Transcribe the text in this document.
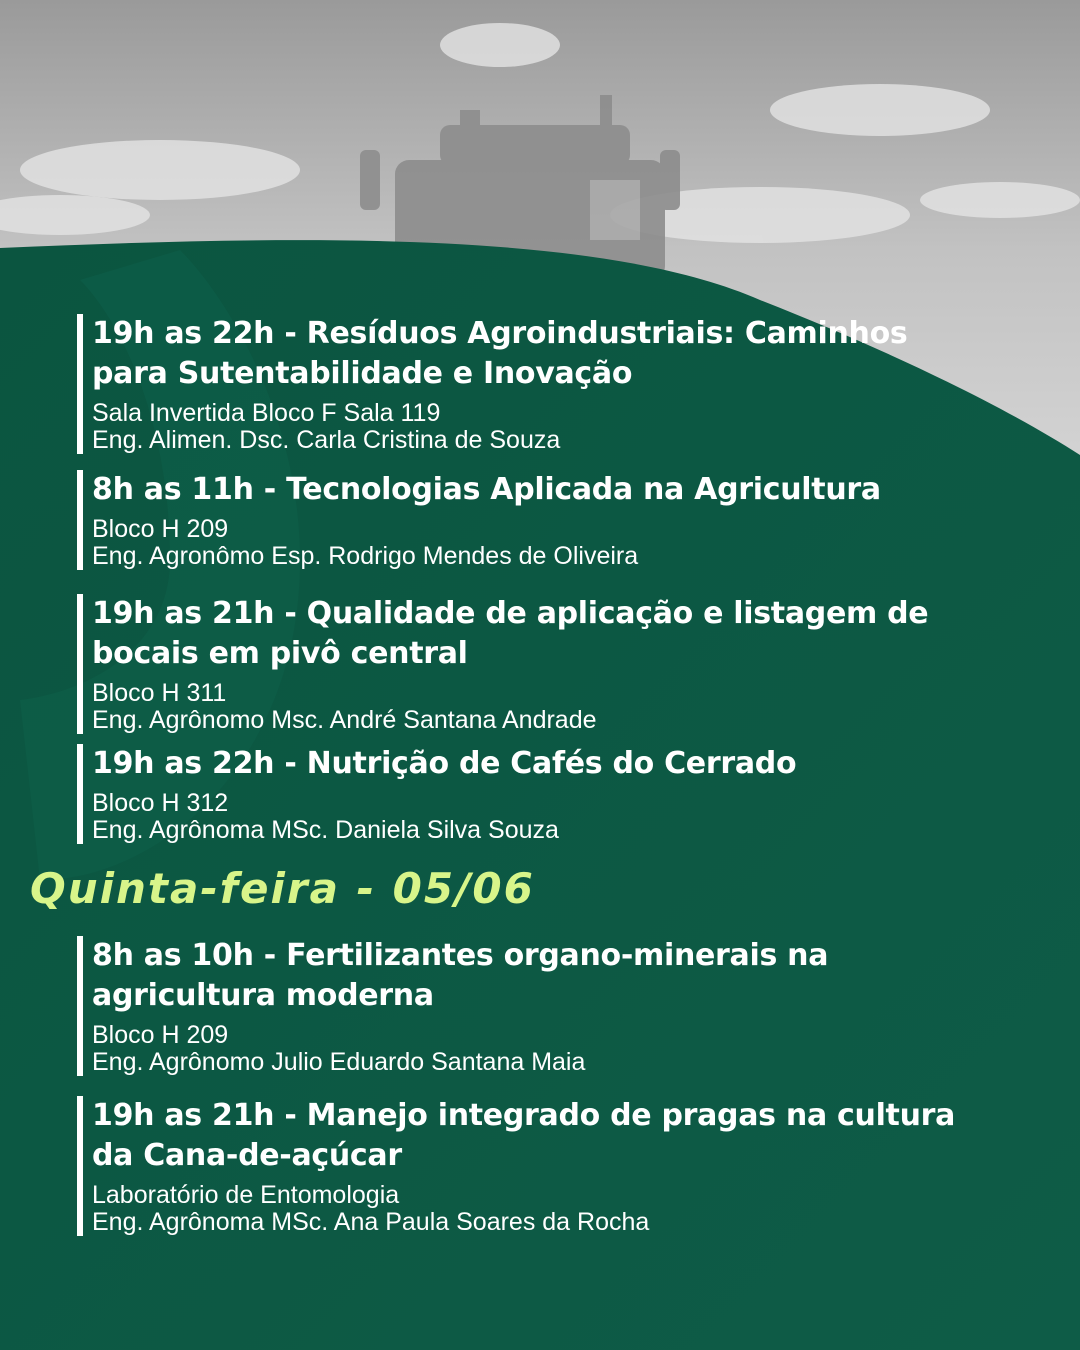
19h as 22h - Resíduos Agroindustriais: Caminhos para Sutentabilidade e Inovação

Sala Invertida Bloco F Sala 119

Eng. Alimen. Dsc. Carla Cristina de Souza

8h as 11h - Tecnologias Aplicada na Agricultura

Bloco H 209

Eng. Agronômo Esp. Rodrigo Mendes de Oliveira

19h as 21h - Qualidade de aplicação e listagem de bocais em pivô central

Bloco H 311

Eng. Agrônomo Msc. André Santana Andrade

19h as 22h - Nutrição de Cafés do Cerrado

Bloco H 312

Eng. Agrônoma MSc. Daniela Silva Souza

Quinta-feira - 05/06

8h as 10h - Fertilizantes organo-minerais na agricultura moderna

Bloco H 209

Eng. Agrônomo Julio Eduardo Santana Maia

19h as 21h - Manejo integrado de pragas na cultura da Cana-de-açúcar

Laboratório de Entomologia

Eng. Agrônoma MSc. Ana Paula Soares da Rocha
